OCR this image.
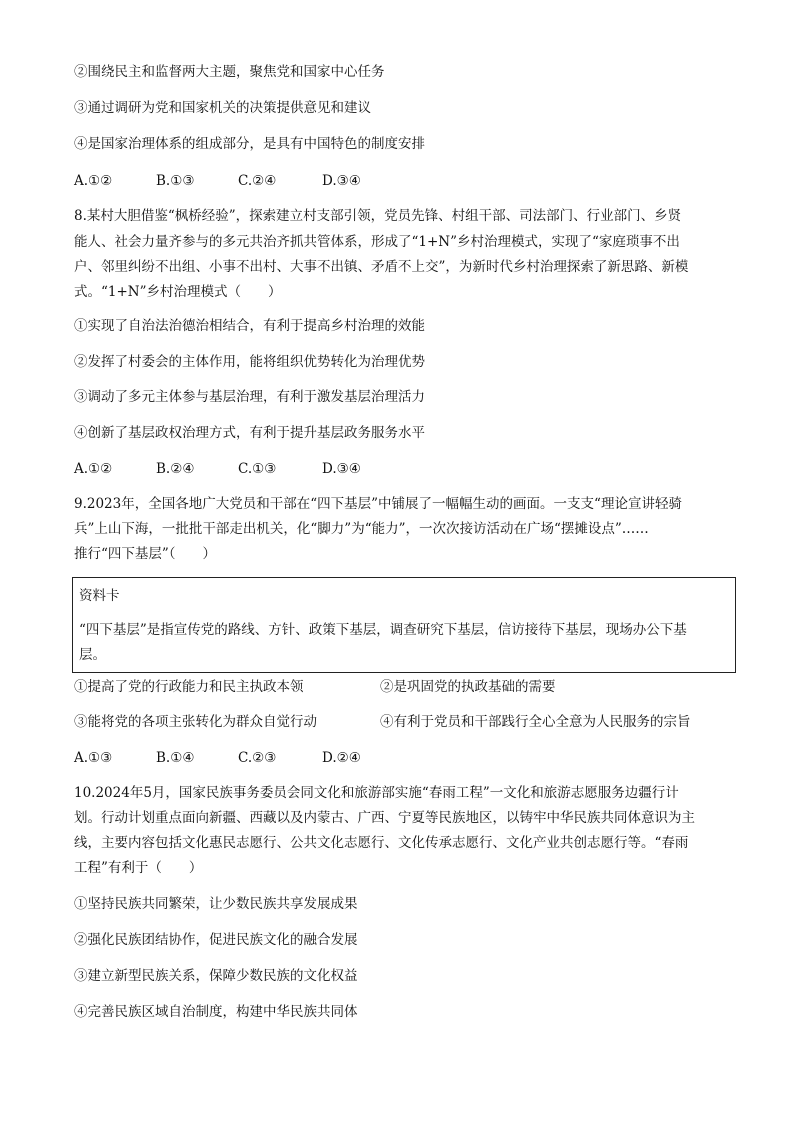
②围绕民主和监督两大主题，聚焦党和国家中心任务
③通过调研为党和国家机关的决策提供意见和建议
④是国家治理体系的组成部分，是具有中国特色的制度安排
A.①②	B.①③	C.②④	D.③④
8.某村大胆借鉴“枫桥经验”，探索建立村支部引领，党员先锋、村组干部、司法部门、行业部门、乡贤
能人、社会力量齐参与的多元共治齐抓共管体系，形成了“1+N”乡村治理模式，实现了“家庭琐事不出
户、邻里纠纷不出组、小事不出村、大事不出镇、矛盾不上交”，为新时代乡村治理探索了新思路、新模
式。“1+N”乡村治理模式（　　）
①实现了自治法治德治相结合，有利于提高乡村治理的效能
②发挥了村委会的主体作用，能将组织优势转化为治理优势
③调动了多元主体参与基层治理，有利于激发基层治理活力
④创新了基层政权治理方式，有利于提升基层政务服务水平
A.①②	B.②④	C.①③	D.③④
9.2023年，全国各地广大党员和干部在“四下基层”中铺展了一幅幅生动的画面。一支支“理论宣讲轻骑
兵”上山下海，一批批干部走出机关，化“脚力”为“能力”，一次次接访活动在广场“摆摊设点”……
推行“四下基层”（　　）
资料卡
“四下基层”是指宣传党的路线、方针、政策下基层，调查研究下基层，信访接待下基层，现场办公下基
层。
①提高了党的行政能力和民主执政本领	②是巩固党的执政基础的需要
③能将党的各项主张转化为群众自觉行动	④有利于党员和干部践行全心全意为人民服务的宗旨
A.①③	B.①④	C.②③	D.②④
10.2024年5月，国家民族事务委员会同文化和旅游部实施“春雨工程”一文化和旅游志愿服务边疆行计
划。行动计划重点面向新疆、西藏以及内蒙古、广西、宁夏等民族地区，以铸牢中华民族共同体意识为主
线，主要内容包括文化惠民志愿行、公共文化志愿行、文化传承志愿行、文化产业共创志愿行等。“春雨
工程”有利于（　　）
①坚持民族共同繁荣，让少数民族共享发展成果
②强化民族团结协作，促进民族文化的融合发展
③建立新型民族关系，保障少数民族的文化权益
④完善民族区域自治制度，构建中华民族共同体
